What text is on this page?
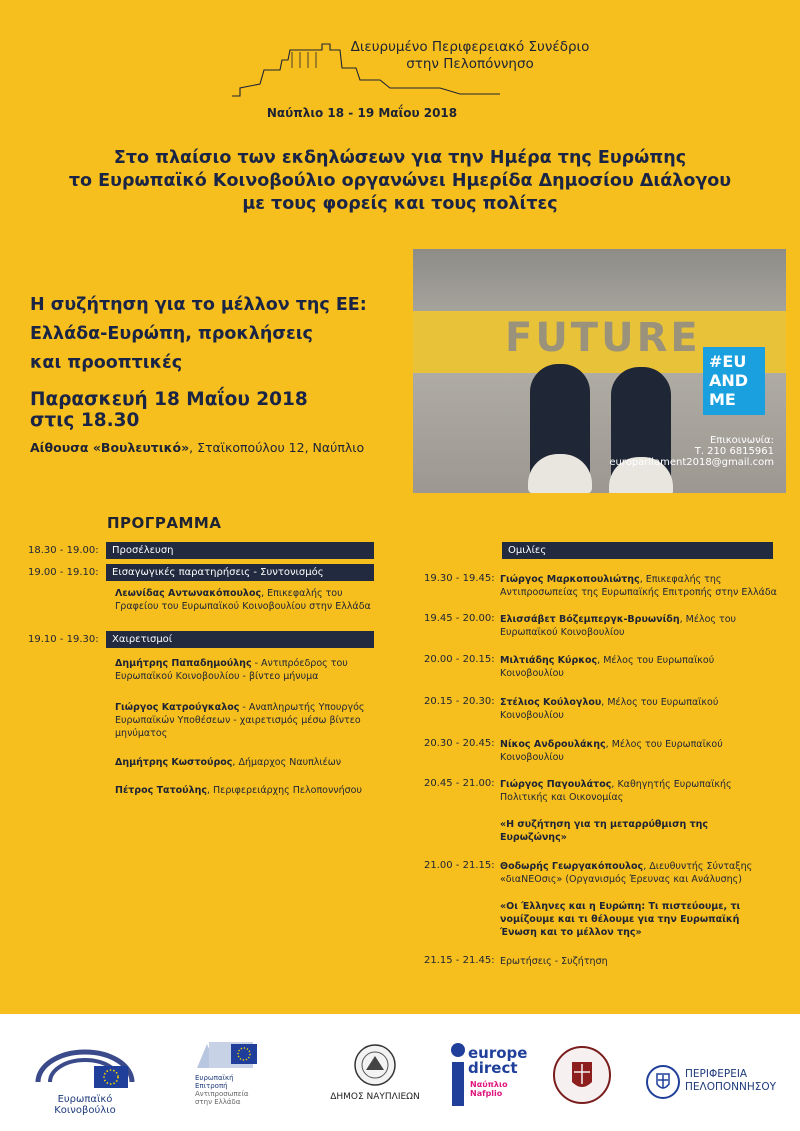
Διευρυμένο Περιφερειακό Συνέδριο
στην Πελοπόννησο
Ναύπλιο 18 - 19 Μαΐου 2018
Στο πλαίσιο των εκδηλώσεων για την Ημέρα της Ευρώπης
το Ευρωπαϊκό Κοινοβούλιο οργανώνει Ημερίδα Δημοσίου Διάλογου
με τους φορείς και τους πολίτες
FUTURE
#EU
AND
ME
Επικοινωνία:
Τ. 210 6815961
europarliament2018@gmail.com
Η συζήτηση για το μέλλον της ΕΕ:
Ελλάδα-Ευρώπη, προκλήσεις
και προοπτικές
Παρασκευή 18 Μαΐου 2018
στις 18.30
Αίθουσα «Βουλευτικό», Σταϊκοπούλου 12, Ναύπλιο
ΠΡΟΓΡΑΜΜΑ
18.30 - 19.00:	Προσέλευση
19.00 - 19.10:	Εισαγωγικές παρατηρήσεις - Συντονισμός
Λεωνίδας Αντωνακόπουλος, Επικεφαλής του
Γραφείου του Ευρωπαϊκού Κοινοβουλίου στην Ελλάδα
19.10 - 19.30:	Χαιρετισμοί
Δημήτρης Παπαδημούλης - Αντιπρόεδρος του
Ευρωπαϊκού Κοινοβουλίου - βίντεο μήνυμα
Γιώργος Κατρούγκαλος - Αναπληρωτής Υπουργός
Ευρωπαϊκών Υποθέσεων - χαιρετισμός μέσω βίντεο
μηνύματος
Δημήτρης Κωστούρος, Δήμαρχος Ναυπλιέων
Πέτρος Τατούλης, Περιφερειάρχης Πελοποννήσου
Ομιλίες
19.30 - 19.45: Γιώργος Μαρκοπουλιώτης, Επικεφαλής της
Αντιπροσωπείας της Ευρωπαϊκής Επιτροπής στην Ελλάδα
19.45 - 20.00: Ελισσάβετ Βόζεμπεργκ-Βρυωνίδη, Μέλος του
Ευρωπαϊκού Κοινοβουλίου
20.00 - 20.15: Μιλτιάδης Κύρκος, Μέλος του Ευρωπαϊκού
Κοινοβουλίου
20.15 - 20.30: Στέλιος Κούλογλου, Μέλος του Ευρωπαϊκού
Κοινοβουλίου
20.30 - 20.45: Νίκος Ανδρουλάκης, Μέλος του Ευρωπαϊκού
Κοινοβουλίου
20.45 - 21.00: Γιώργος Παγουλάτος, Καθηγητής Ευρωπαϊκής
Πολιτικής και Οικονομίας
«Η συζήτηση για τη μεταρρύθμιση της
Ευρωζώνης»
21.00 - 21.15: Θοδωρής Γεωργακόπουλος, Διευθυντής Σύνταξης
«διαΝΕΟσις» (Οργανισμός Έρευνας και Ανάλυσης)
«Οι Έλληνες και η Ευρώπη: Τι πιστεύουμε, τι
νομίζουμε και τι θέλουμε για την Ευρωπαϊκή
Ένωση και το μέλλον της»
21.15 - 21.45: Ερωτήσεις - Συζήτηση
Ευρωπαϊκό Κοινοβούλιο
Ευρωπαϊκή
Επιτροπή
Αντιπροσωπεία
στην Ελλάδα	ΔΗΜΟΣ ΝΑΥΠΛΙΕΩΝ
europe
direct
Ναύπλιο
Nafplio
ΠΕΡΙΦΕΡΕΙΑ
ΠΕΛΟΠΟΝΝΗΣΟΥ
